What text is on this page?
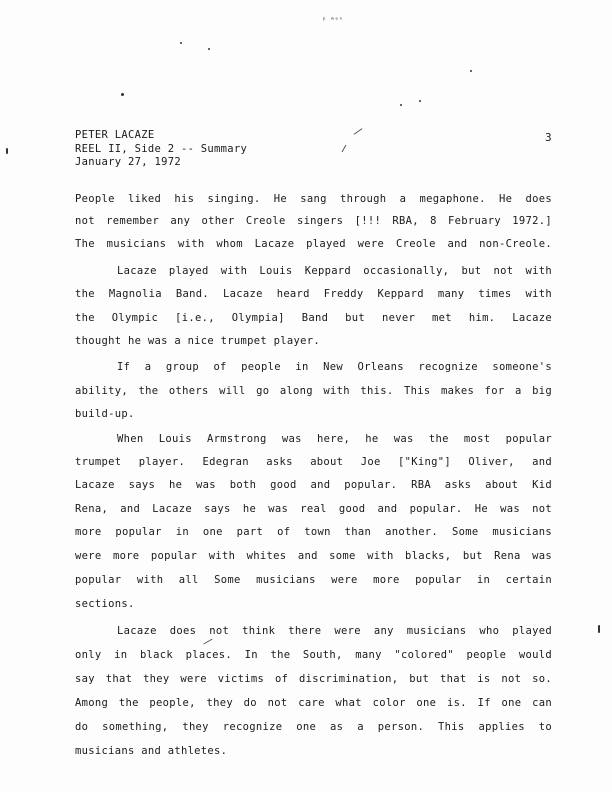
ᵖ ʷᵉⁿ
PETER LACAZE
REEL II, Side 2 -- Summary
January 27, 1972
3
People liked his singing. He sang through a megaphone. He does
not remember any other Creole singers [!!! RBA, 8 February 1972.]
The musicians with whom Lacaze played were Creole and non-Creole.
Lacaze played with Louis Keppard occasionally, but not with
the Magnolia Band. Lacaze heard Freddy Keppard many times with
the Olympic [i.e., Olympia] Band but never met him. Lacaze
thought he was a nice trumpet player.
If a group of people in New Orleans recognize someone's
ability, the others will go along with this. This makes for a big
build-up.
When Louis Armstrong was here, he was the most popular
trumpet player. Edegran asks about Joe ["King"] Oliver, and
Lacaze says he was both good and popular. RBA asks about Kid
Rena, and Lacaze says he was real good and popular. He was not
more popular in one part of town than another. Some musicians
were more popular with whites and some with blacks, but Rena was
popular with all Some musicians were more popular in certain
sections.
Lacaze does not think there were any musicians who played
only in black places. In the South, many "colored" people would
say that they were victims of discrimination, but that is not so.
Among the people, they do not care what color one is. If one can
do something, they recognize one as a person. This applies to
musicians and athletes.
